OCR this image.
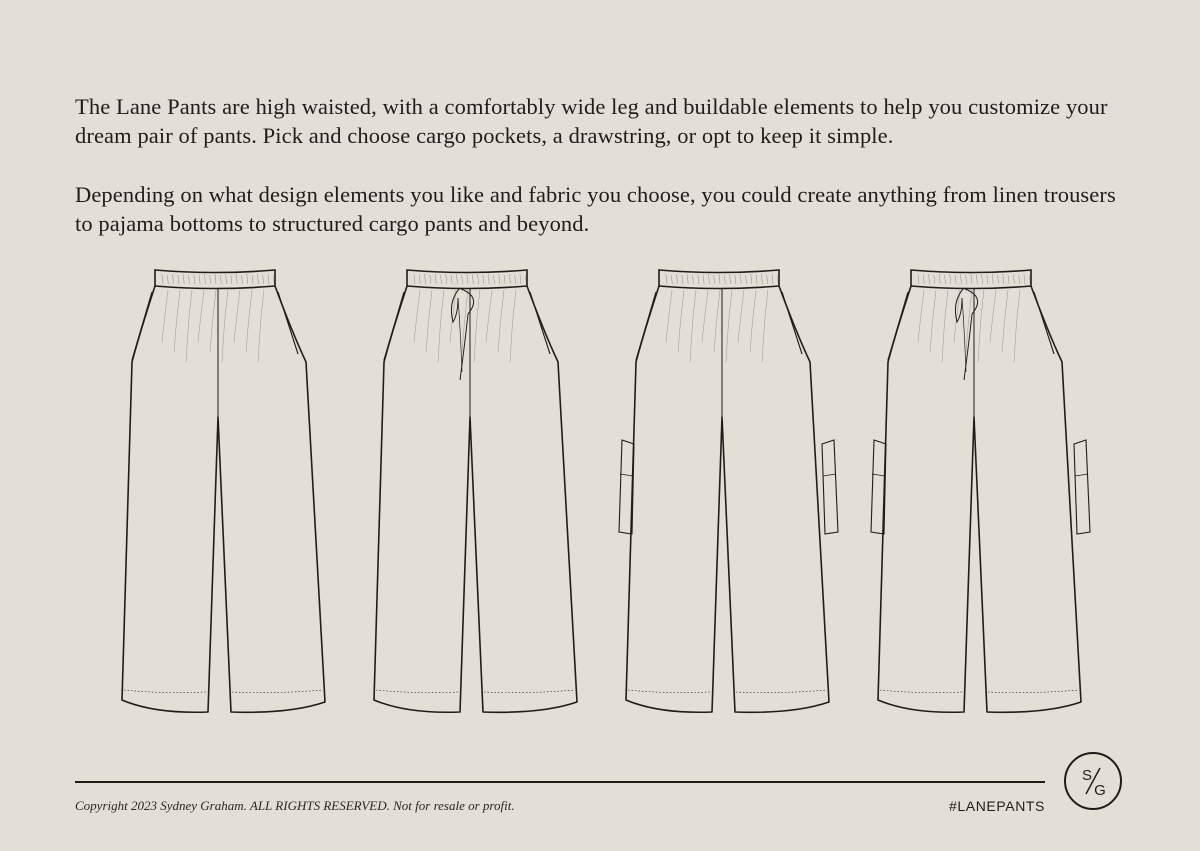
The Lane Pants are high waisted, with a comfortably wide leg and buildable elements to help you customize your dream pair of pants. Pick and choose cargo pockets, a drawstring, or opt to keep it simple.

Depending on what design elements you like and fabric you choose, you could create anything from linen trousers to pajama bottoms to structured cargo pants and beyond.

Copyright 2023 Sydney Graham. ALL RIGHTS RESERVED. Not for resale or profit.	#LANEPANTS
S
G
